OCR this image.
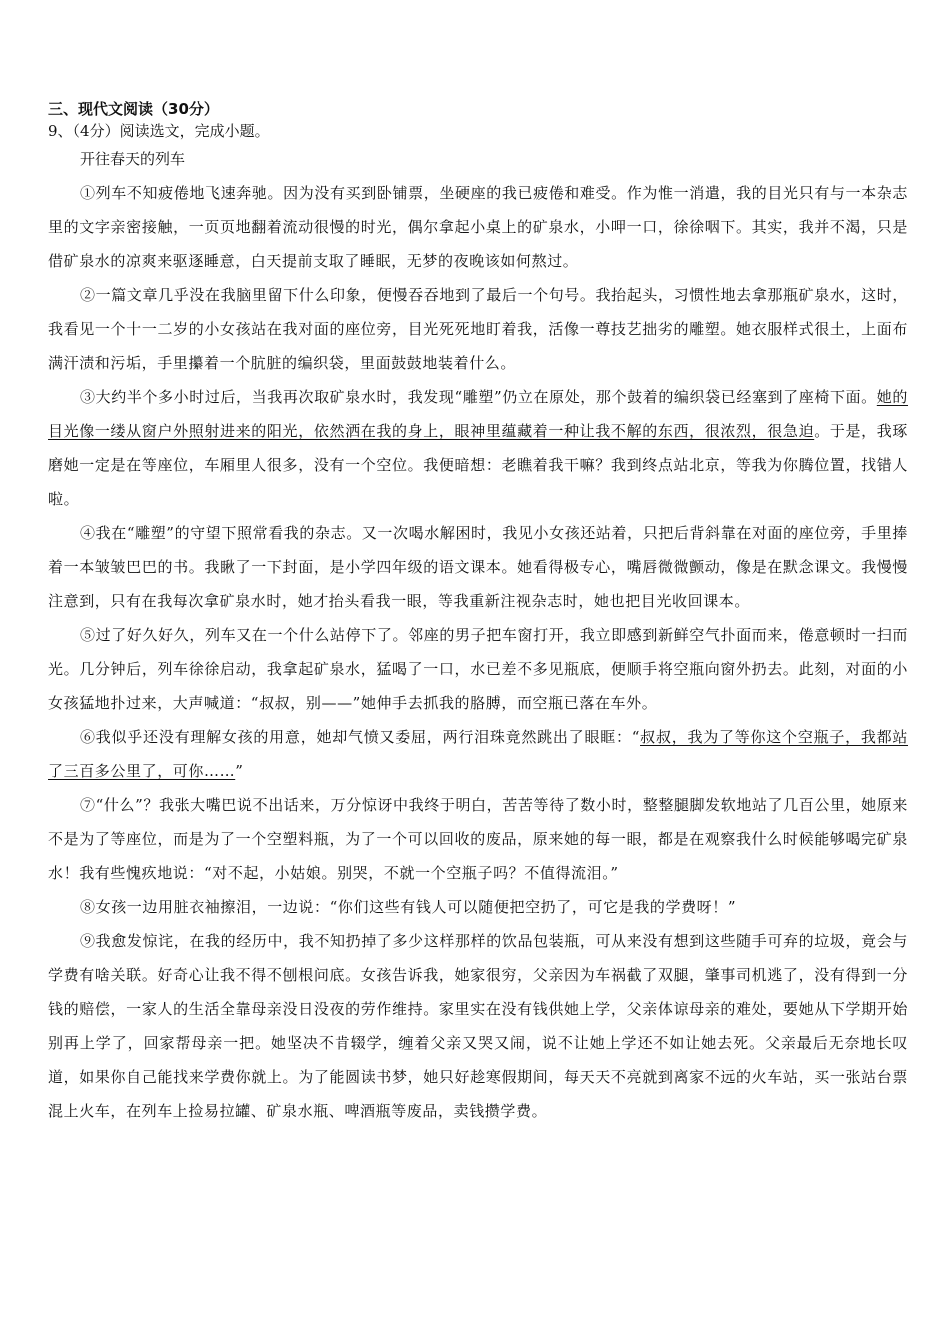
三、现代文阅读（30分）

9、（4分）阅读选文，完成小题。

开往春天的列车

①列车不知疲倦地飞速奔驰。因为没有买到卧铺票，坐硬座的我已疲倦和难受。作为惟一消遣，我的目光只有与一本杂志里的文字亲密接触，一页页地翻着流动很慢的时光，偶尔拿起小桌上的矿泉水，小呷一口，徐徐咽下。其实，我并不渴，只是借矿泉水的凉爽来驱逐睡意，白天提前支取了睡眠，无梦的夜晚该如何熬过。

②一篇文章几乎没在我脑里留下什么印象，便慢吞吞地到了最后一个句号。我抬起头，习惯性地去拿那瓶矿泉水，这时，我看见一个十一二岁的小女孩站在我对面的座位旁，目光死死地盯着我，活像一尊技艺拙劣的雕塑。她衣服样式很土，上面布满汗渍和污垢，手里攥着一个肮脏的编织袋，里面鼓鼓地装着什么。

③大约半个多小时过后，当我再次取矿泉水时，我发现“雕塑”仍立在原处，那个鼓着的编织袋已经塞到了座椅下面。她的目光像一缕从窗户外照射进来的阳光，依然洒在我的身上，眼神里蕴藏着一种让我不解的东西，很浓烈，很急迫。于是，我琢磨她一定是在等座位，车厢里人很多，没有一个空位。我便暗想：老瞧着我干嘛？我到终点站北京，等我为你腾位置，找错人啦。

④我在“雕塑”的守望下照常看我的杂志。又一次喝水解困时，我见小女孩还站着，只把后背斜靠在对面的座位旁，手里捧着一本皱皱巴巴的书。我瞅了一下封面，是小学四年级的语文课本。她看得极专心，嘴唇微微颤动，像是在默念课文。我慢慢注意到，只有在我每次拿矿泉水时，她才抬头看我一眼，等我重新注视杂志时，她也把目光收回课本。

⑤过了好久好久，列车又在一个什么站停下了。邻座的男子把车窗打开，我立即感到新鲜空气扑面而来，倦意顿时一扫而光。几分钟后，列车徐徐启动，我拿起矿泉水，猛喝了一口，水已差不多见瓶底，便顺手将空瓶向窗外扔去。此刻，对面的小女孩猛地扑过来，大声喊道：“叔叔，别——”她伸手去抓我的胳膊，而空瓶已落在车外。

⑥我似乎还没有理解女孩的用意，她却气愤又委屈，两行泪珠竟然跳出了眼眶：“叔叔，我为了等你这个空瓶子，我都站了三百多公里了，可你……”

⑦“什么”？我张大嘴巴说不出话来，万分惊讶中我终于明白，苦苦等待了数小时，整整腿脚发软地站了几百公里，她原来不是为了等座位，而是为了一个空塑料瓶，为了一个可以回收的废品，原来她的每一眼，都是在观察我什么时候能够喝完矿泉水！我有些愧疚地说：“对不起，小姑娘。别哭，不就一个空瓶子吗？不值得流泪。”

⑧女孩一边用脏衣袖擦泪，一边说：“你们这些有钱人可以随便把空扔了，可它是我的学费呀！”

⑨我愈发惊诧，在我的经历中，我不知扔掉了多少这样那样的饮品包装瓶，可从来没有想到这些随手可弃的垃圾，竟会与学费有啥关联。好奇心让我不得不刨根问底。女孩告诉我，她家很穷，父亲因为车祸截了双腿，肇事司机逃了，没有得到一分钱的赔偿，一家人的生活全靠母亲没日没夜的劳作维持。家里实在没有钱供她上学，父亲体谅母亲的难处，要她从下学期开始别再上学了，回家帮母亲一把。她坚决不肯辍学，缠着父亲又哭又闹，说不让她上学还不如让她去死。父亲最后无奈地长叹道，如果你自己能找来学费你就上。为了能圆读书梦，她只好趁寒假期间，每天天不亮就到离家不远的火车站，买一张站台票混上火车，在列车上捡易拉罐、矿泉水瓶、啤酒瓶等废品，卖钱攒学费。
